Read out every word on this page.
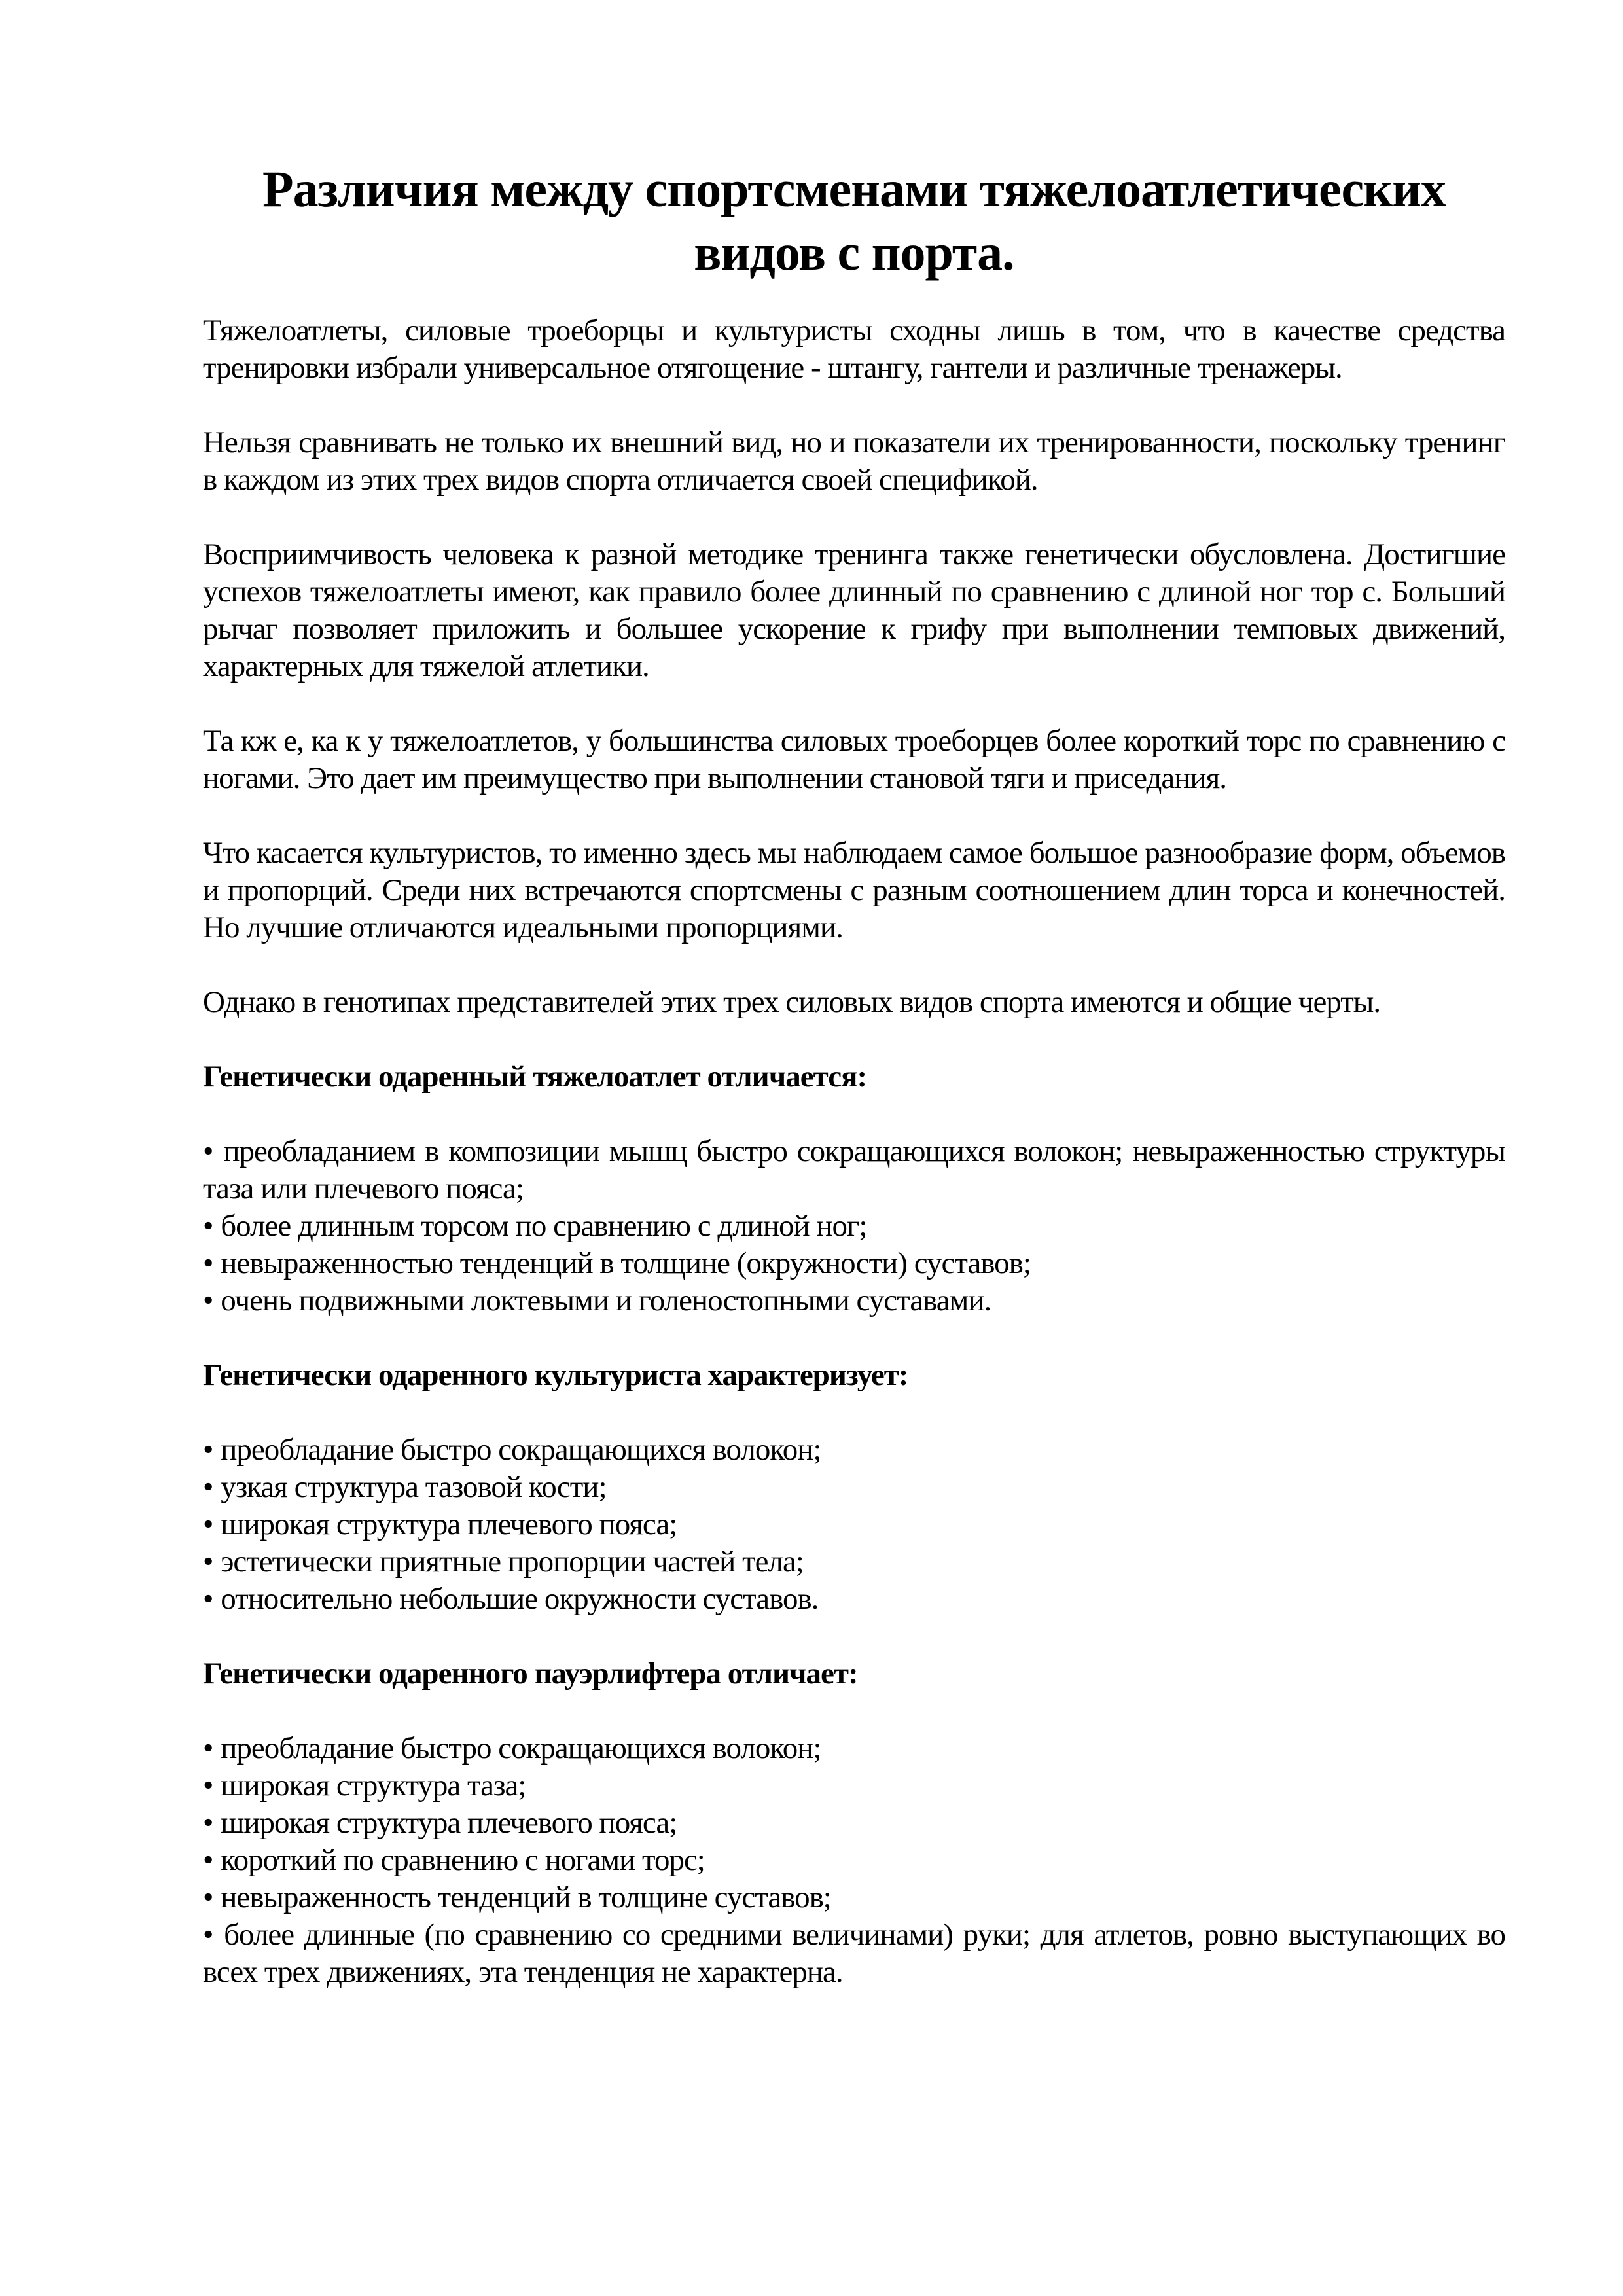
Различия между спортсменами тяжелоатлетических
видов с порта.

Тяжелоатлеты, силовые троеборцы и культуристы сходны лишь в том, что в качестве средства тренировки избрали универсальное отягощение - штангу, гантели и различные тренажеры.

Нельзя сравнивать не только их внешний вид, но и показатели их тренированности, поскольку тренинг в каждом из этих трех видов спорта отличается своей спецификой.

Восприимчивость человека к разной методике тренинга также генетически обусловлена. Достигшие успехов тяжелоатлеты имеют, как правило более длинный по сравнению с длиной ног тор с. Больший рычаг позволяет приложить и большее ускорение к грифу при выполнении темповых движений, характерных для тяжелой атлетики.

Та кж е, ка к у тяжелоатлетов, у большинства силовых троеборцев более короткий торс по сравнению с ногами. Это дает им преимущество при выполнении становой тяги и приседания.

Что касается культуристов, то именно здесь мы наблюдаем самое большое разнообразие форм, объемов и пропорций. Среди них встречаются спортсмены с разным соотношением длин торса и конечностей. Но лучшие отличаются идеальными пропорциями.

Однако в генотипах представителей этих трех силовых видов спорта имеются и общие черты.

Генетически одаренный тяжелоатлет отличается:
• преобладанием в композиции мышц быстро сокращающихся волокон; невыраженностью структуры таза или плечевого пояса;
• более длинным торсом по сравнению с длиной ног;
• невыраженностью тенденций в толщине (окружности) суставов;
• очень подвижными локтевыми и голеностопными суставами.
Генетически одаренного культуриста характеризует:
• преобладание быстро сокращающихся волокон;
• узкая структура тазовой кости;
• широкая структура плечевого пояса;
• эстетически приятные пропорции частей тела;
• относительно небольшие окружности суставов.
Генетически одаренного пауэрлифтера отличает:
• преобладание быстро сокращающихся волокон;
• широкая структура таза;
• широкая структура плечевого пояса;
• короткий по сравнению с ногами торс;
• невыраженность тенденций в толщине суставов;
• более длинные (по сравнению со средними величинами) руки; для атлетов, ровно выступающих во всех трех движениях, эта тенденция не характерна.
